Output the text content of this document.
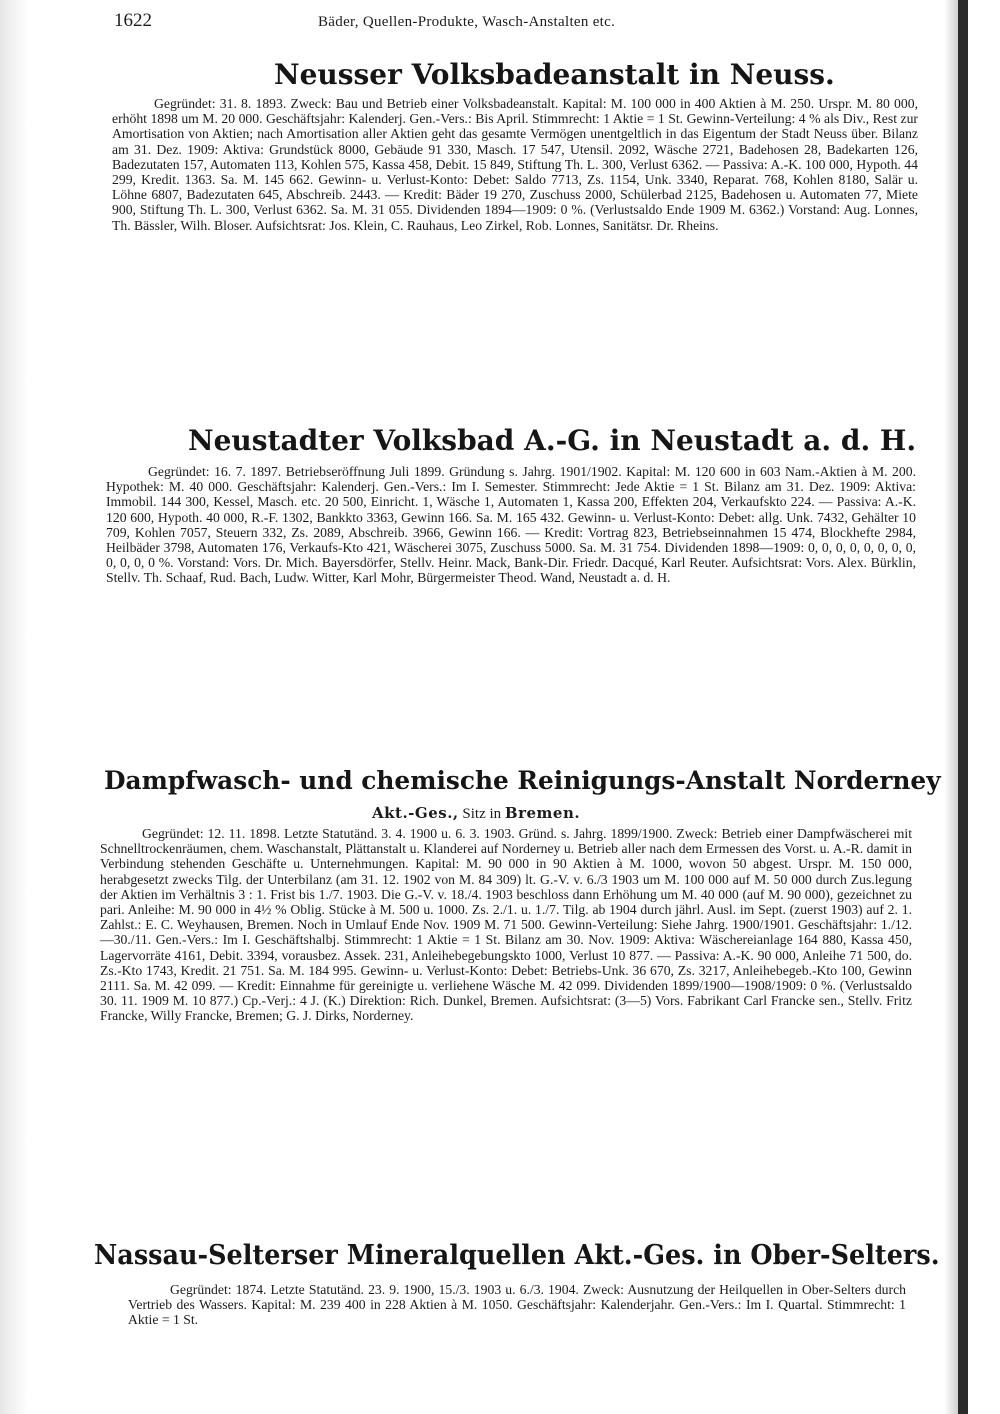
1622	Bäder, Quellen-Produkte, Wasch-Anstalten etc.
Neusser Volksbadeanstalt in Neuss.

Gegründet: 31. 8. 1893. Zweck: Bau und Betrieb einer Volksbadeanstalt. Kapital: M. 100 000 in 400 Aktien à M. 250. Urspr. M. 80 000, erhöht 1898 um M. 20 000. Geschäftsjahr: Kalenderj. Gen.-Vers.: Bis April. Stimmrecht: 1 Aktie = 1 St. Gewinn-Verteilung: 4 % als Div., Rest zur Amortisation von Aktien; nach Amortisation aller Aktien geht das gesamte Vermögen unentgeltlich in das Eigentum der Stadt Neuss über. Bilanz am 31. Dez. 1909: Aktiva: Grundstück 8000, Gebäude 91 330, Masch. 17 547, Utensil. 2092, Wäsche 2721, Badehosen 28, Badekarten 126, Badezutaten 157, Automaten 113, Kohlen 575, Kassa 458, Debit. 15 849, Stiftung Th. L. 300, Verlust 6362. — Passiva: A.-K. 100 000, Hypoth. 44 299, Kredit. 1363. Sa. M. 145 662. Gewinn- u. Verlust-Konto: Debet: Saldo 7713, Zs. 1154, Unk. 3340, Reparat. 768, Kohlen 8180, Salär u. Löhne 6807, Badezutaten 645, Abschreib. 2443. — Kredit: Bäder 19 270, Zuschuss 2000, Schülerbad 2125, Badehosen u. Automaten 77, Miete 900, Stiftung Th. L. 300, Verlust 6362. Sa. M. 31 055. Dividenden 1894—1909: 0 %. (Verlustsaldo Ende 1909 M. 6362.) Vorstand: Aug. Lonnes, Th. Bässler, Wilh. Bloser. Aufsichtsrat: Jos. Klein, C. Rauhaus, Leo Zirkel, Rob. Lonnes, Sanitätsr. Dr. Rheins.

Neustadter Volksbad A.-G. in Neustadt a. d. H.

Gegründet: 16. 7. 1897. Betriebseröffnung Juli 1899. Gründung s. Jahrg. 1901/1902. Kapital: M. 120 600 in 603 Nam.-Aktien à M. 200. Hypothek: M. 40 000. Geschäftsjahr: Kalenderj. Gen.-Vers.: Im I. Semester. Stimmrecht: Jede Aktie = 1 St. Bilanz am 31. Dez. 1909: Aktiva: Immobil. 144 300, Kessel, Masch. etc. 20 500, Einricht. 1, Wäsche 1, Automaten 1, Kassa 200, Effekten 204, Verkaufskto 224. — Passiva: A.-K. 120 600, Hypoth. 40 000, R.-F. 1302, Bankkto 3363, Gewinn 166. Sa. M. 165 432. Gewinn- u. Verlust-Konto: Debet: allg. Unk. 7432, Gehälter 10 709, Kohlen 7057, Steuern 332, Zs. 2089, Abschreib. 3966, Gewinn 166. — Kredit: Vortrag 823, Betriebseinnahmen 15 474, Blockhefte 2984, Heilbäder 3798, Automaten 176, Verkaufs-Kto 421, Wäscherei 3075, Zuschuss 5000. Sa. M. 31 754. Dividenden 1898—1909: 0, 0, 0, 0, 0, 0, 0, 0, 0, 0, 0, 0 %. Vorstand: Vors. Dr. Mich. Bayersdörfer, Stellv. Heinr. Mack, Bank-Dir. Friedr. Dacqué, Karl Reuter. Aufsichtsrat: Vors. Alex. Bürklin, Stellv. Th. Schaaf, Rud. Bach, Ludw. Witter, Karl Mohr, Bürgermeister Theod. Wand, Neustadt a. d. H.

Dampfwasch- und chemische Reinigungs-Anstalt Norderney
Akt.-Ges., Sitz in Bremen.

Gegründet: 12. 11. 1898. Letzte Statutänd. 3. 4. 1900 u. 6. 3. 1903. Gründ. s. Jahrg. 1899/1900. Zweck: Betrieb einer Dampfwäscherei mit Schnelltrockenräumen, chem. Waschanstalt, Plättanstalt u. Klanderei auf Norderney u. Betrieb aller nach dem Ermessen des Vorst. u. A.-R. damit in Verbindung stehenden Geschäfte u. Unternehmungen. Kapital: M. 90 000 in 90 Aktien à M. 1000, wovon 50 abgest. Urspr. M. 150 000, herabgesetzt zwecks Tilg. der Unterbilanz (am 31. 12. 1902 von M. 84 309) lt. G.-V. v. 6./3 1903 um M. 100 000 auf M. 50 000 durch Zus.legung der Aktien im Verhältnis 3 : 1. Frist bis 1./7. 1903. Die G.-V. v. 18./4. 1903 beschloss dann Erhöhung um M. 40 000 (auf M. 90 000), gezeichnet zu pari. Anleihe: M. 90 000 in 4½ % Oblig. Stücke à M. 500 u. 1000. Zs. 2./1. u. 1./7. Tilg. ab 1904 durch jährl. Ausl. im Sept. (zuerst 1903) auf 2. 1. Zahlst.: E. C. Weyhausen, Bremen. Noch in Umlauf Ende Nov. 1909 M. 71 500. Gewinn-Verteilung: Siehe Jahrg. 1900/1901. Geschäftsjahr: 1./12.—30./11. Gen.-Vers.: Im I. Geschäftshalbj. Stimmrecht: 1 Aktie = 1 St. Bilanz am 30. Nov. 1909: Aktiva: Wäschereianlage 164 880, Kassa 450, Lagervorräte 4161, Debit. 3394, vorausbez. Assek. 231, Anleihebegebungskto 1000, Verlust 10 877. — Passiva: A.-K. 90 000, Anleihe 71 500, do. Zs.-Kto 1743, Kredit. 21 751. Sa. M. 184 995. Gewinn- u. Verlust-Konto: Debet: Betriebs-Unk. 36 670, Zs. 3217, Anleihebegeb.-Kto 100, Gewinn 2111. Sa. M. 42 099. — Kredit: Einnahme für gereinigte u. verliehene Wäsche M. 42 099. Dividenden 1899/1900—1908/1909: 0 %. (Verlustsaldo 30. 11. 1909 M. 10 877.) Cp.-Verj.: 4 J. (K.) Direktion: Rich. Dunkel, Bremen. Aufsichtsrat: (3—5) Vors. Fabrikant Carl Francke sen., Stellv. Fritz Francke, Willy Francke, Bremen; G. J. Dirks, Norderney.

Nassau-Selterser Mineralquellen Akt.-Ges. in Ober-Selters.

Gegründet: 1874. Letzte Statutänd. 23. 9. 1900, 15./3. 1903 u. 6./3. 1904. Zweck: Ausnutzung der Heilquellen in Ober-Selters durch Vertrieb des Wassers. Kapital: M. 239 400 in 228 Aktien à M. 1050. Geschäftsjahr: Kalenderjahr. Gen.-Vers.: Im I. Quartal. Stimmrecht: 1 Aktie = 1 St.
